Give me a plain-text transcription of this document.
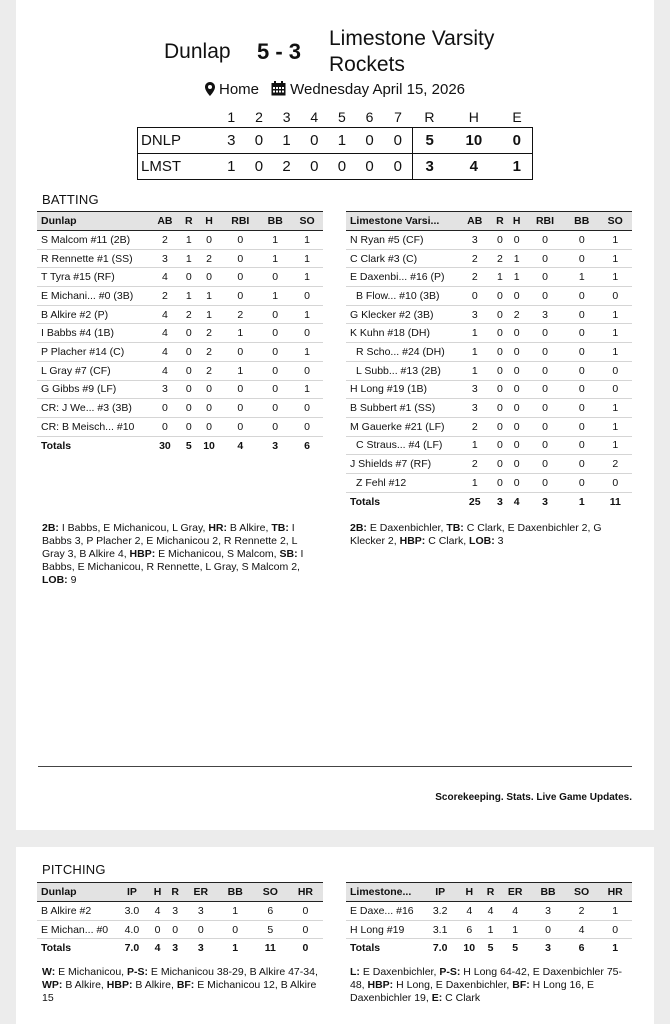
Dunlap 5 - 3
Limestone Varsity
Rockets
Home Wednesday April 15, 2026
	1	2	3	4	5	6	7	R	H	E
DNLP	3	0	1	0	1	0	0	5	10	0
LMST	1	0	2	0	0	0	0	3	4	1
BATTING
Dunlap	AB	R	H	RBI	BB	SO
S Malcom #11 (2B)	2	1	0	0	1	1
R Rennette #1 (SS)	3	1	2	0	1	1
T Tyra #15 (RF)	4	0	0	0	0	1
E Michani... #0 (3B)	2	1	1	0	1	0
B Alkire #2 (P)	4	2	1	2	0	1
I Babbs #4 (1B)	4	0	2	1	0	0
P Placher #14 (C)	4	0	2	0	0	1
L Gray #7 (CF)	4	0	2	1	0	0
G Gibbs #9 (LF)	3	0	0	0	0	1
CR: J We... #3 (3B)	0	0	0	0	0	0
CR: B Meisch... #10	0	0	0	0	0	0
Totals	30	5	10	4	3	6
Limestone Varsi...	AB	R	H	RBI	BB	SO
N Ryan #5 (CF)	3	0	0	0	0	1
C Clark #3 (C)	2	2	1	0	0	1
E Daxenbi... #16 (P)	2	1	1	0	1	1
B Flow... #10 (3B)	0	0	0	0	0	0
G Klecker #2 (3B)	3	0	2	3	0	1
K Kuhn #18 (DH)	1	0	0	0	0	1
R Scho... #24 (DH)	1	0	0	0	0	1
L Subb... #13 (2B)	1	0	0	0	0	0
H Long #19 (1B)	3	0	0	0	0	0
B Subbert #1 (SS)	3	0	0	0	0	1
M Gauerke #21 (LF)	2	0	0	0	0	1
C Straus... #4 (LF)	1	0	0	0	0	1
J Shields #7 (RF)	2	0	0	0	0	2
Z Fehl #12	1	0	0	0	0	0
Totals	25	3	4	3	1	11
2B: I Babbs, E Michanicou, L Gray, HR: B Alkire, TB: I Babbs 3, P Placher 2, E Michanicou 2, R Rennette 2, L Gray 3, B Alkire 4, HBP: E Michanicou, S Malcom, SB: I Babbs, E Michanicou, R Rennette, L Gray, S Malcom 2, LOB: 9
2B: E Daxenbichler, TB: C Clark, E Daxenbichler 2, G Klecker 2, HBP: C Clark, LOB: 3
Scorekeeping. Stats. Live Game Updates.
PITCHING
Dunlap	IP	H	R	ER	BB	SO	HR
B Alkire #2	3.0	4	3	3	1	6	0
E Michan... #0	4.0	0	0	0	0	5	0
Totals	7.0	4	3	3	1	11	0
Limestone...	IP	H	R	ER	BB	SO	HR
E Daxe... #16	3.2	4	4	4	3	2	1
H Long #19	3.1	6	1	1	0	4	0
Totals	7.0	10	5	5	3	6	1
W: E Michanicou, P-S: E Michanicou 38-29, B Alkire 47-34, WP: B Alkire, HBP: B Alkire, BF: E Michanicou 12, B Alkire 15
L: E Daxenbichler, P-S: H Long 64-42, E Daxenbichler 75-48, HBP: H Long, E Daxenbichler, BF: H Long 16, E Daxenbichler 19, E: C Clark
